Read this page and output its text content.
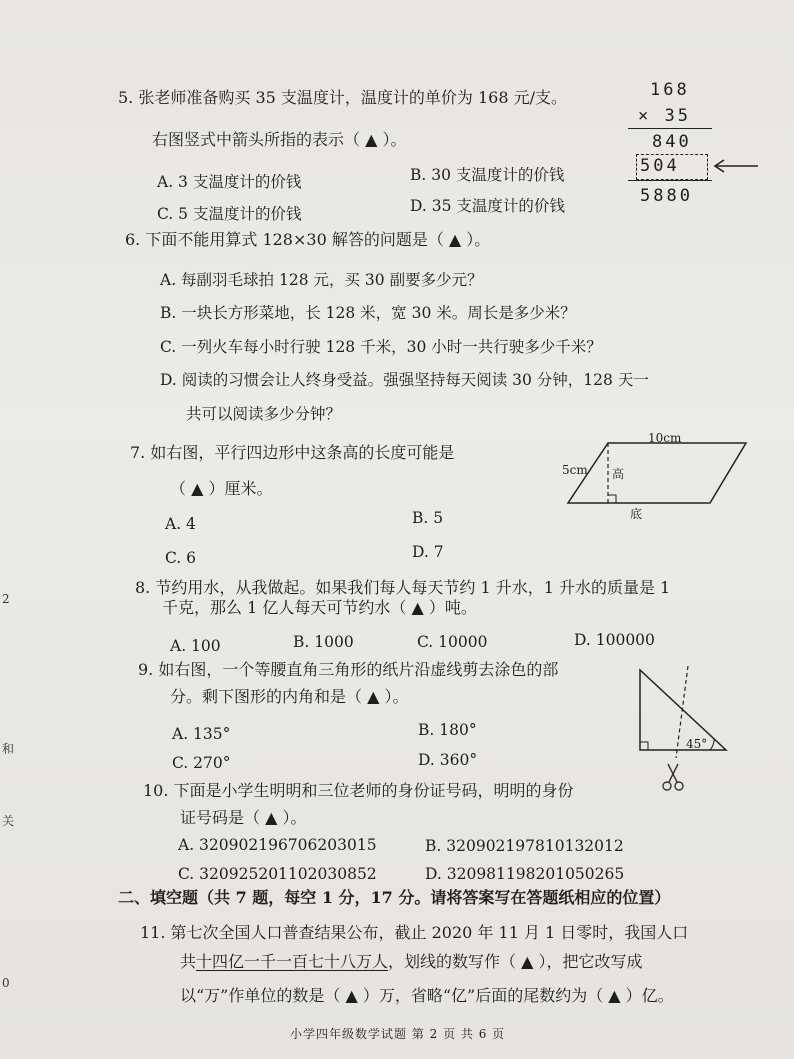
5. 张老师准备购买 35 支温度计，温度计的单价为 168 元/支。
右图竖式中箭头所指的表示（ ▲ ）。
A. 3 支温度计的价钱	B. 30 支温度计的价钱
C. 5 支温度计的价钱	D. 35 支温度计的价钱
168
× 35
840
504
5880
6. 下面不能用算式 128×30 解答的问题是（ ▲ ）。
A. 每副羽毛球拍 128 元，买 30 副要多少元？
B. 一块长方形菜地，长 128 米，宽 30 米。周长是多少米？
C. 一列火车每小时行驶 128 千米，30 小时一共行驶多少千米？
D. 阅读的习惯会让人终身受益。强强坚持每天阅读 30 分钟，128 天一
共可以阅读多少分钟？
7. 如右图，平行四边形中这条高的长度可能是
（ ▲ ）厘米。
A. 4	B. 5
C. 6	D. 7
10cm
5cm 高
底
8. 节约用水，从我做起。如果我们每人每天节约 1 升水，1 升水的质量是 1
千克，那么 1 亿人每天可节约水（ ▲ ）吨。
A. 100	B. 1000	C. 10000	D. 100000
9. 如右图，一个等腰直角三角形的纸片沿虚线剪去涂色的部
分。剩下图形的内角和是（ ▲ ）。
A. 135°	B. 180°
C. 270°	D. 360°
45°
10. 下面是小学生明明和三位老师的身份证号码，明明的身份
证号码是（ ▲ ）。
A. 320902196706203015	B. 320902197810132012
C. 320925201102030852	D. 320981198201050265
二、填空题（共 7 题，每空 1 分，17 分。请将答案写在答题纸相应的位置）
11. 第七次全国人口普查结果公布，截止 2020 年 11 月 1 日零时，我国人口
共十四亿一千一百七十八万人，划线的数写作（ ▲ ），把它改写成
以“万”作单位的数是（ ▲ ）万，省略“亿”后面的尾数约为（ ▲ ）亿。
小学四年级数学试题 第 2 页 共 6 页
2
和
关
0
